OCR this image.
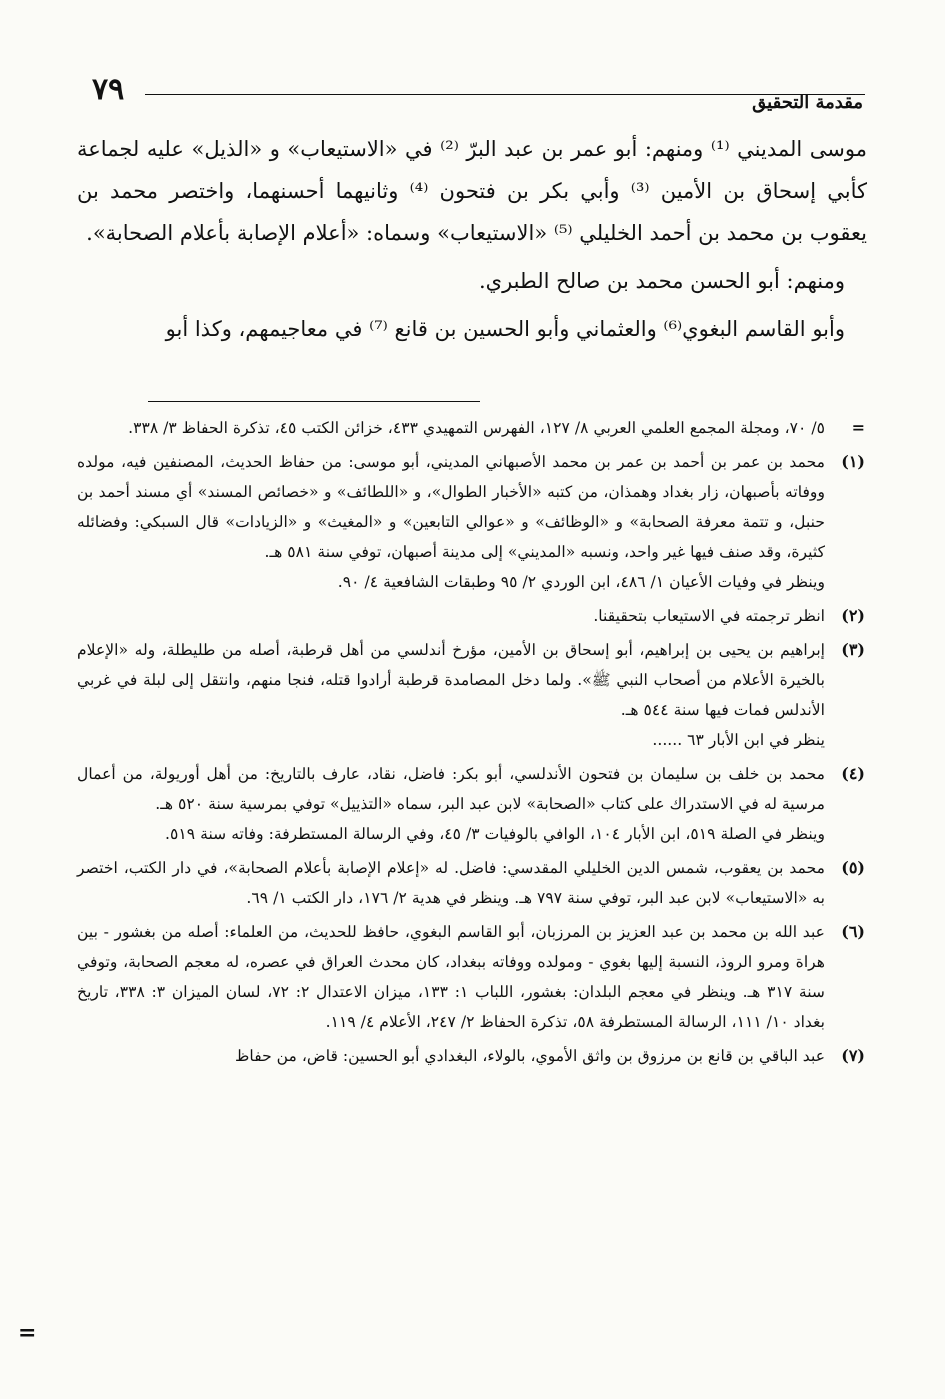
٧٩	مقدمة التحقيق

موسى المديني ⁽¹⁾ ومنهم: أبو عمر بن عبد البرّ ⁽²⁾ في «الاستيعاب» و «الذيل» عليه لجماعة كأبي إسحاق بن الأمين ⁽³⁾ وأبي بكر بن فتحون ⁽⁴⁾ وثانيهما أحسنهما، واختصر محمد بن يعقوب بن محمد بن أحمد الخليلي ⁽⁵⁾ «الاستيعاب» وسماه: «أعلام الإصابة بأعلام الصحابة».

ومنهم: أبو الحسن محمد بن صالح الطبري.

وأبو القاسم البغوي⁽⁶⁾ والعثماني وأبو الحسين بن قانع ⁽⁷⁾ في معاجيمهم، وكذا أبو

=
٥/ ٧٠، ومجلة المجمع العلمي العربي ٨/ ١٢٧، الفهرس التمهيدي ٤٣٣، خزائن الكتب ٤٥، تذكرة الحفاظ ٣/ ٣٣٨.
(١)
محمد بن عمر بن أحمد بن عمر بن محمد الأصبهاني المديني، أبو موسى: من حفاظ الحديث، المصنفين فيه، مولده ووفاته بأصبهان، زار بغداد وهمذان، من كتبه «الأخبار الطوال»، و «اللطائف» و «خصائص المسند» أي مسند أحمد بن حنبل، و تتمة معرفة الصحابة» و «الوظائف» و «عوالي التابعين» و «المغيث» و «الزيادات» قال السبكي: وفضائله كثيرة، وقد صنف فيها غير واحد، ونسبه «المديني» إلى مدينة أصبهان، توفي سنة ٥٨١ هـ.
وينظر في وفيات الأعيان ١/ ٤٨٦، ابن الوردي ٢/ ٩٥ وطبقات الشافعية ٤/ ٩٠.
(٢)
انظر ترجمته في الاستيعاب بتحقيقنا.
(٣)
إبراهيم بن يحيى بن إبراهيم، أبو إسحاق بن الأمين، مؤرخ أندلسي من أهل قرطبة، أصله من طليطلة، وله «الإعلام بالخيرة الأعلام من أصحاب النبي ﷺ». ولما دخل المصامدة قرطبة أرادوا قتله، فنجا منهم، وانتقل إلى لبلة في غربي الأندلس فمات فيها سنة ٥٤٤ هـ.
ينظر في ابن الأبار ٦٣ ......
(٤)
محمد بن خلف بن سليمان بن فتحون الأندلسي، أبو بكر: فاضل، نقاد، عارف بالتاريخ: من أهل أوريولة، من أعمال مرسية له في الاستدراك على كتاب «الصحابة» لابن عبد البر، سماه «التذييل» توفي بمرسية سنة ٥٢٠ هـ.
وينظر في الصلة ٥١٩، ابن الأبار ١٠٤، الوافي بالوفيات ٣/ ٤٥، وفي الرسالة المستطرفة: وفاته سنة ٥١٩.
(٥)
محمد بن يعقوب، شمس الدين الخليلي المقدسي: فاضل. له «إعلام الإصابة بأعلام الصحابة»، في دار الكتب، اختصر به «الاستيعاب» لابن عبد البر، توفي سنة ٧٩٧ هـ. وينظر في هدية ٢/ ١٧٦، دار الكتب ١/ ٦٩.
(٦)
عبد الله بن محمد بن عبد العزيز بن المرزبان، أبو القاسم البغوي، حافظ للحديث، من العلماء: أصله من بغشور - بين هراة ومرو الروذ، النسبة إليها بغوي - ومولده ووفاته ببغداد، كان محدث العراق في عصره، له معجم الصحابة، وتوفي سنة ٣١٧ هـ. وينظر في معجم البلدان: بغشور، اللباب ١: ١٣٣، ميزان الاعتدال ٢: ٧٢، لسان الميزان ٣: ٣٣٨، تاريخ بغداد ١٠/ ١١١، الرسالة المستطرفة ٥٨، تذكرة الحفاظ ٢/ ٢٤٧، الأعلام ٤/ ١١٩.
(٧)
عبد الباقي بن قانع بن مرزوق بن واثق الأموي، بالولاء، البغدادي أبو الحسين: قاض، من حفاظ
=
